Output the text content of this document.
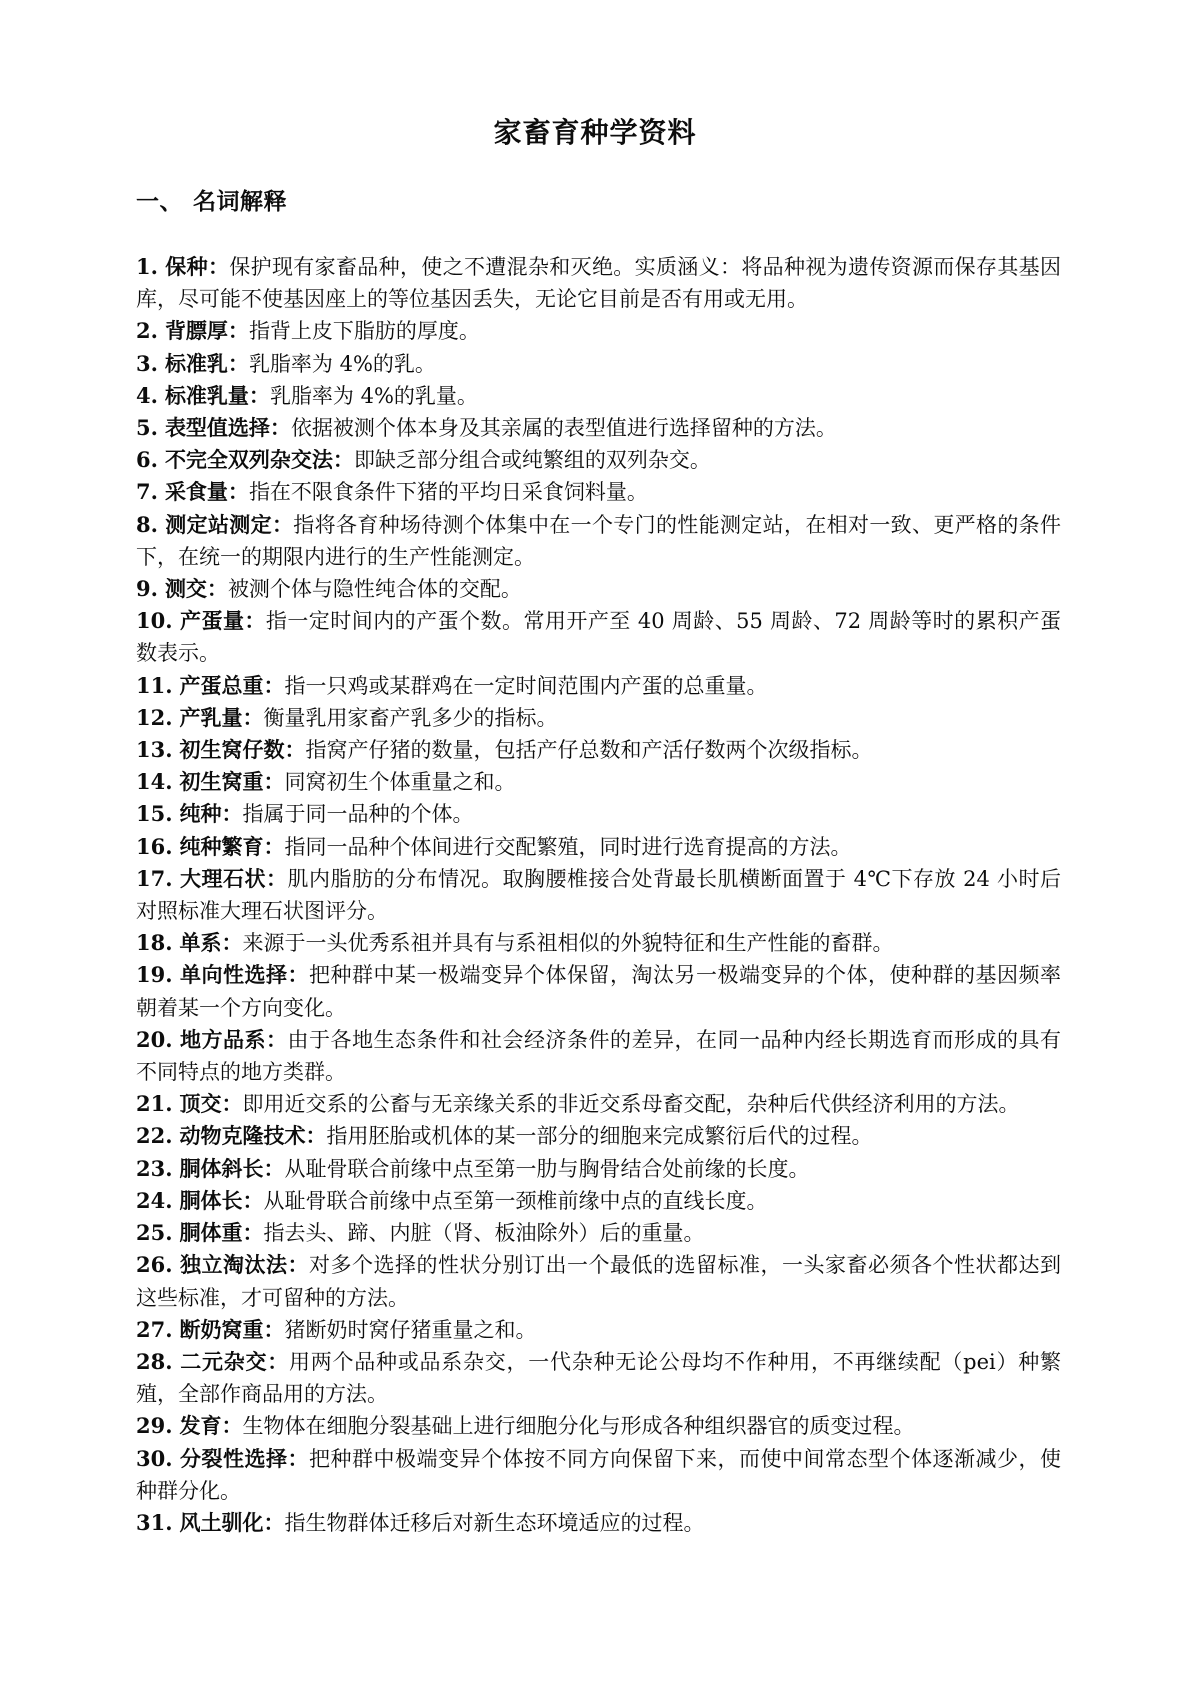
家畜育种学资料
一、 名词解释

1. 保种：保护现有家畜品种，使之不遭混杂和灭绝。实质涵义：将品种视为遗传资源而保存其基因库，尽可能不使基因座上的等位基因丢失，无论它目前是否有用或无用。

2. 背膘厚：指背上皮下脂肪的厚度。

3. 标准乳：乳脂率为 4%的乳。

4. 标准乳量：乳脂率为 4%的乳量。

5. 表型值选择：依据被测个体本身及其亲属的表型值进行选择留种的方法。

6. 不完全双列杂交法：即缺乏部分组合或纯繁组的双列杂交。

7. 采食量：指在不限食条件下猪的平均日采食饲料量。

8. 测定站测定：指将各育种场待测个体集中在一个专门的性能测定站，在相对一致、更严格的条件下，在统一的期限内进行的生产性能测定。

9. 测交：被测个体与隐性纯合体的交配。

10. 产蛋量：指一定时间内的产蛋个数。常用开产至 40 周龄、55 周龄、72 周龄等时的累积产蛋数表示。

11. 产蛋总重：指一只鸡或某群鸡在一定时间范围内产蛋的总重量。

12. 产乳量：衡量乳用家畜产乳多少的指标。

13. 初生窝仔数：指窝产仔猪的数量，包括产仔总数和产活仔数两个次级指标。

14. 初生窝重：同窝初生个体重量之和。

15. 纯种：指属于同一品种的个体。

16. 纯种繁育：指同一品种个体间进行交配繁殖，同时进行选育提高的方法。

17. 大理石状：肌内脂肪的分布情况。取胸腰椎接合处背最长肌横断面置于 4℃下存放 24 小时后对照标准大理石状图评分。

18. 单系：来源于一头优秀系祖并具有与系祖相似的外貌特征和生产性能的畜群。

19. 单向性选择：把种群中某一极端变异个体保留，淘汰另一极端变异的个体，使种群的基因频率朝着某一个方向变化。

20. 地方品系：由于各地生态条件和社会经济条件的差异，在同一品种内经长期选育而形成的具有不同特点的地方类群。

21. 顶交：即用近交系的公畜与无亲缘关系的非近交系母畜交配，杂种后代供经济利用的方法。

22. 动物克隆技术：指用胚胎或机体的某一部分的细胞来完成繁衍后代的过程。

23. 胴体斜长：从耻骨联合前缘中点至第一肋与胸骨结合处前缘的长度。

24. 胴体长：从耻骨联合前缘中点至第一颈椎前缘中点的直线长度。

25. 胴体重：指去头、蹄、内脏（肾、板油除外）后的重量。

26. 独立淘汰法：对多个选择的性状分别订出一个最低的选留标准，一头家畜必须各个性状都达到这些标准，才可留种的方法。

27. 断奶窝重：猪断奶时窝仔猪重量之和。

28. 二元杂交：用两个品种或品系杂交，一代杂种无论公母均不作种用，不再继续配（pei）种繁殖，全部作商品用的方法。

29. 发育：生物体在细胞分裂基础上进行细胞分化与形成各种组织器官的质变过程。

30. 分裂性选择：把种群中极端变异个体按不同方向保留下来，而使中间常态型个体逐渐减少，使种群分化。

31. 风土驯化：指生物群体迁移后对新生态环境适应的过程。
